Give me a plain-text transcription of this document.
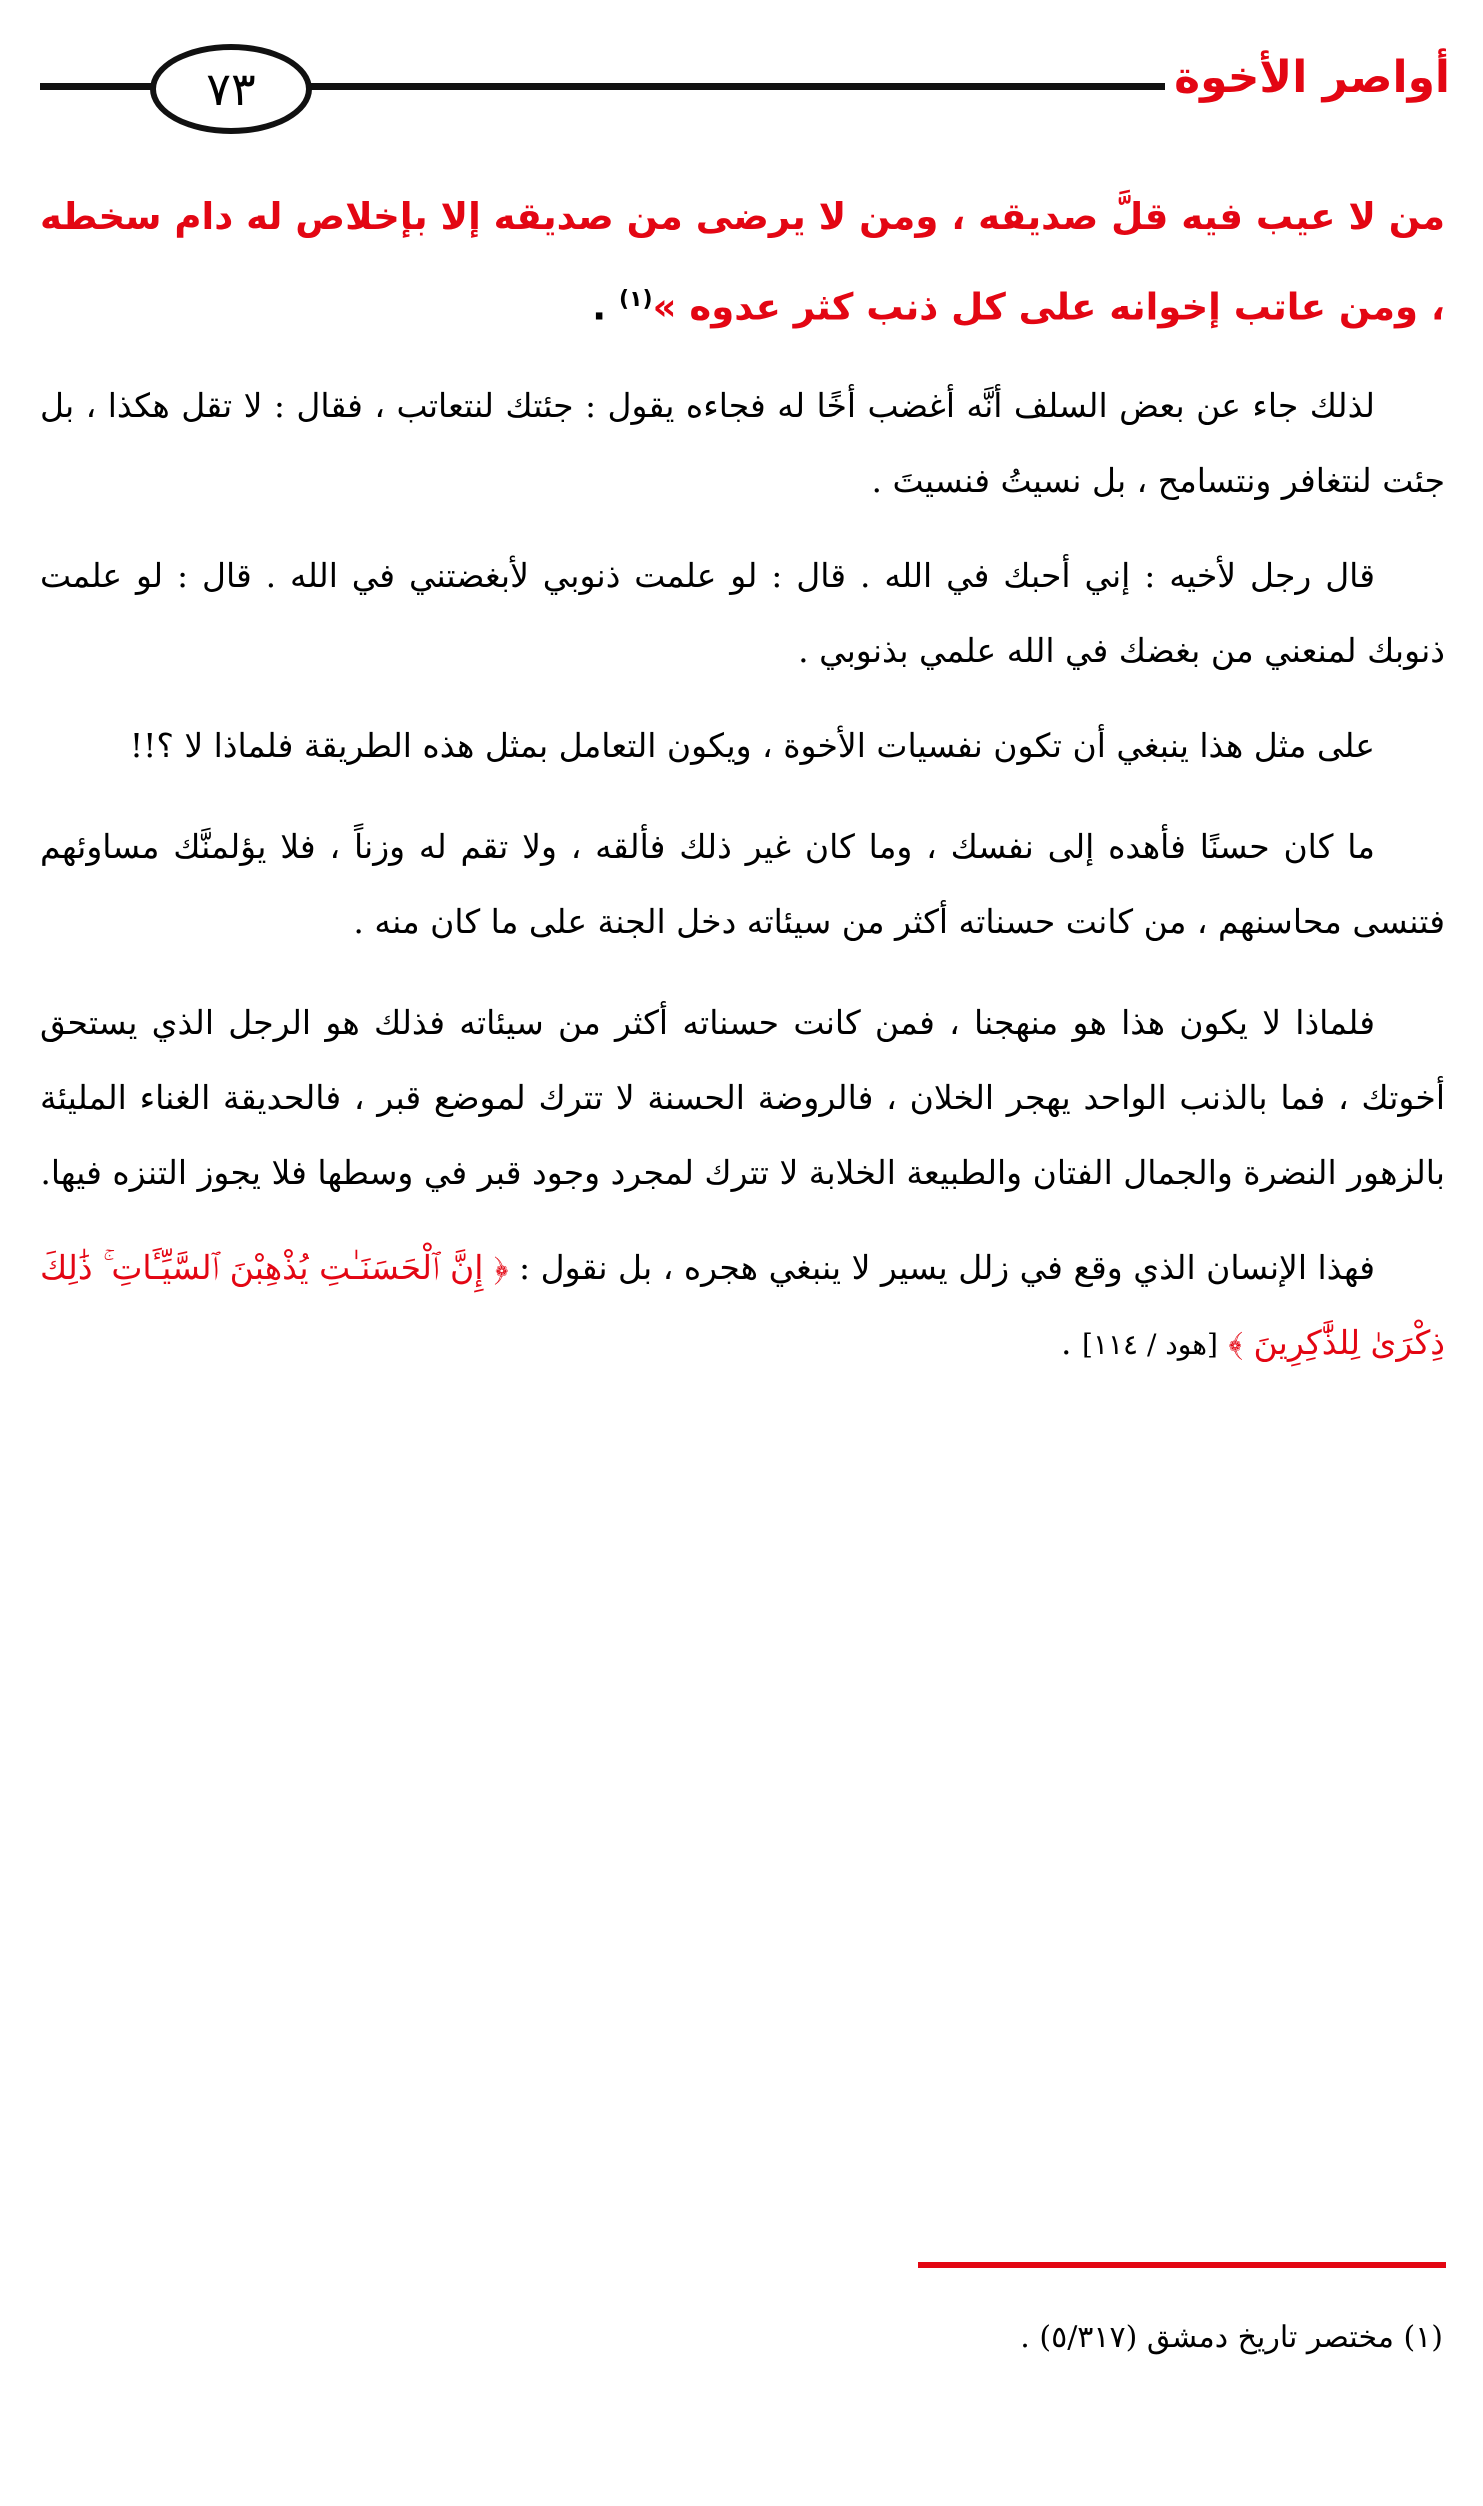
أواصر الأخوة
٧٣

من لا عيب فيه قلَّ صديقه ، ومن لا يرضى من صديقه إلا بإخلاص له دام سخطه ، ومن عاتب إخوانه على كل ذنب كثر عدوه »$^{(١)}$ .

لذلك جاء عن بعض السلف أنَّه أغضب أخًا له فجاءه يقول : جئتك لنتعاتب ، فقال : لا تقل هكذا ، بل جئت لنتغافر ونتسامح ، بل نسيتُ فنسيتَ .

قال رجل لأخيه : إني أحبك في الله . قال : لو علمت ذنوبي لأبغضتني في الله . قال : لو علمت ذنوبك لمنعني من بغضك في الله علمي بذنوبي .

على مثل هذا ينبغي أن تكون نفسيات الأخوة ، ويكون التعامل بمثل هذه الطريقة فلماذا لا ؟!!

ما كان حسنًا فأهده إلى نفسك ، وما كان غير ذلك فألقه ، ولا تقم له وزناً ، فلا يؤلمنَّك مساوئهم فتنسى محاسنهم ، من كانت حسناته أكثر من سيئاته دخل الجنة على ما كان منه .

فلماذا لا يكون هذا هو منهجنا ، فمن كانت حسناته أكثر من سيئاته فذلك هو الرجل الذي يستحق أخوتك ، فما بالذنب الواحد يهجر الخلان ، فالروضة الحسنة لا تترك لموضع قبر ، فالحديقة الغناء المليئة بالزهور النضرة والجمال الفتان والطبيعة الخلابة لا تترك لمجرد وجود قبر في وسطها فلا يجوز التنزه فيها.

فهذا الإنسان الذي وقع في زلل يسير لا ينبغي هجره ، بل نقول : ﴿ إِنَّ ٱلْحَسَنَـٰتِ يُذْهِبْنَ ٱلسَّيِّـَٔاتِ ۚ ذَٰلِكَ ذِكْرَىٰ لِلذَّٰكِرِينَ ﴾ [هود / ١١٤] .

(١) مختصر تاريخ دمشق (٥/٣١٧) .
